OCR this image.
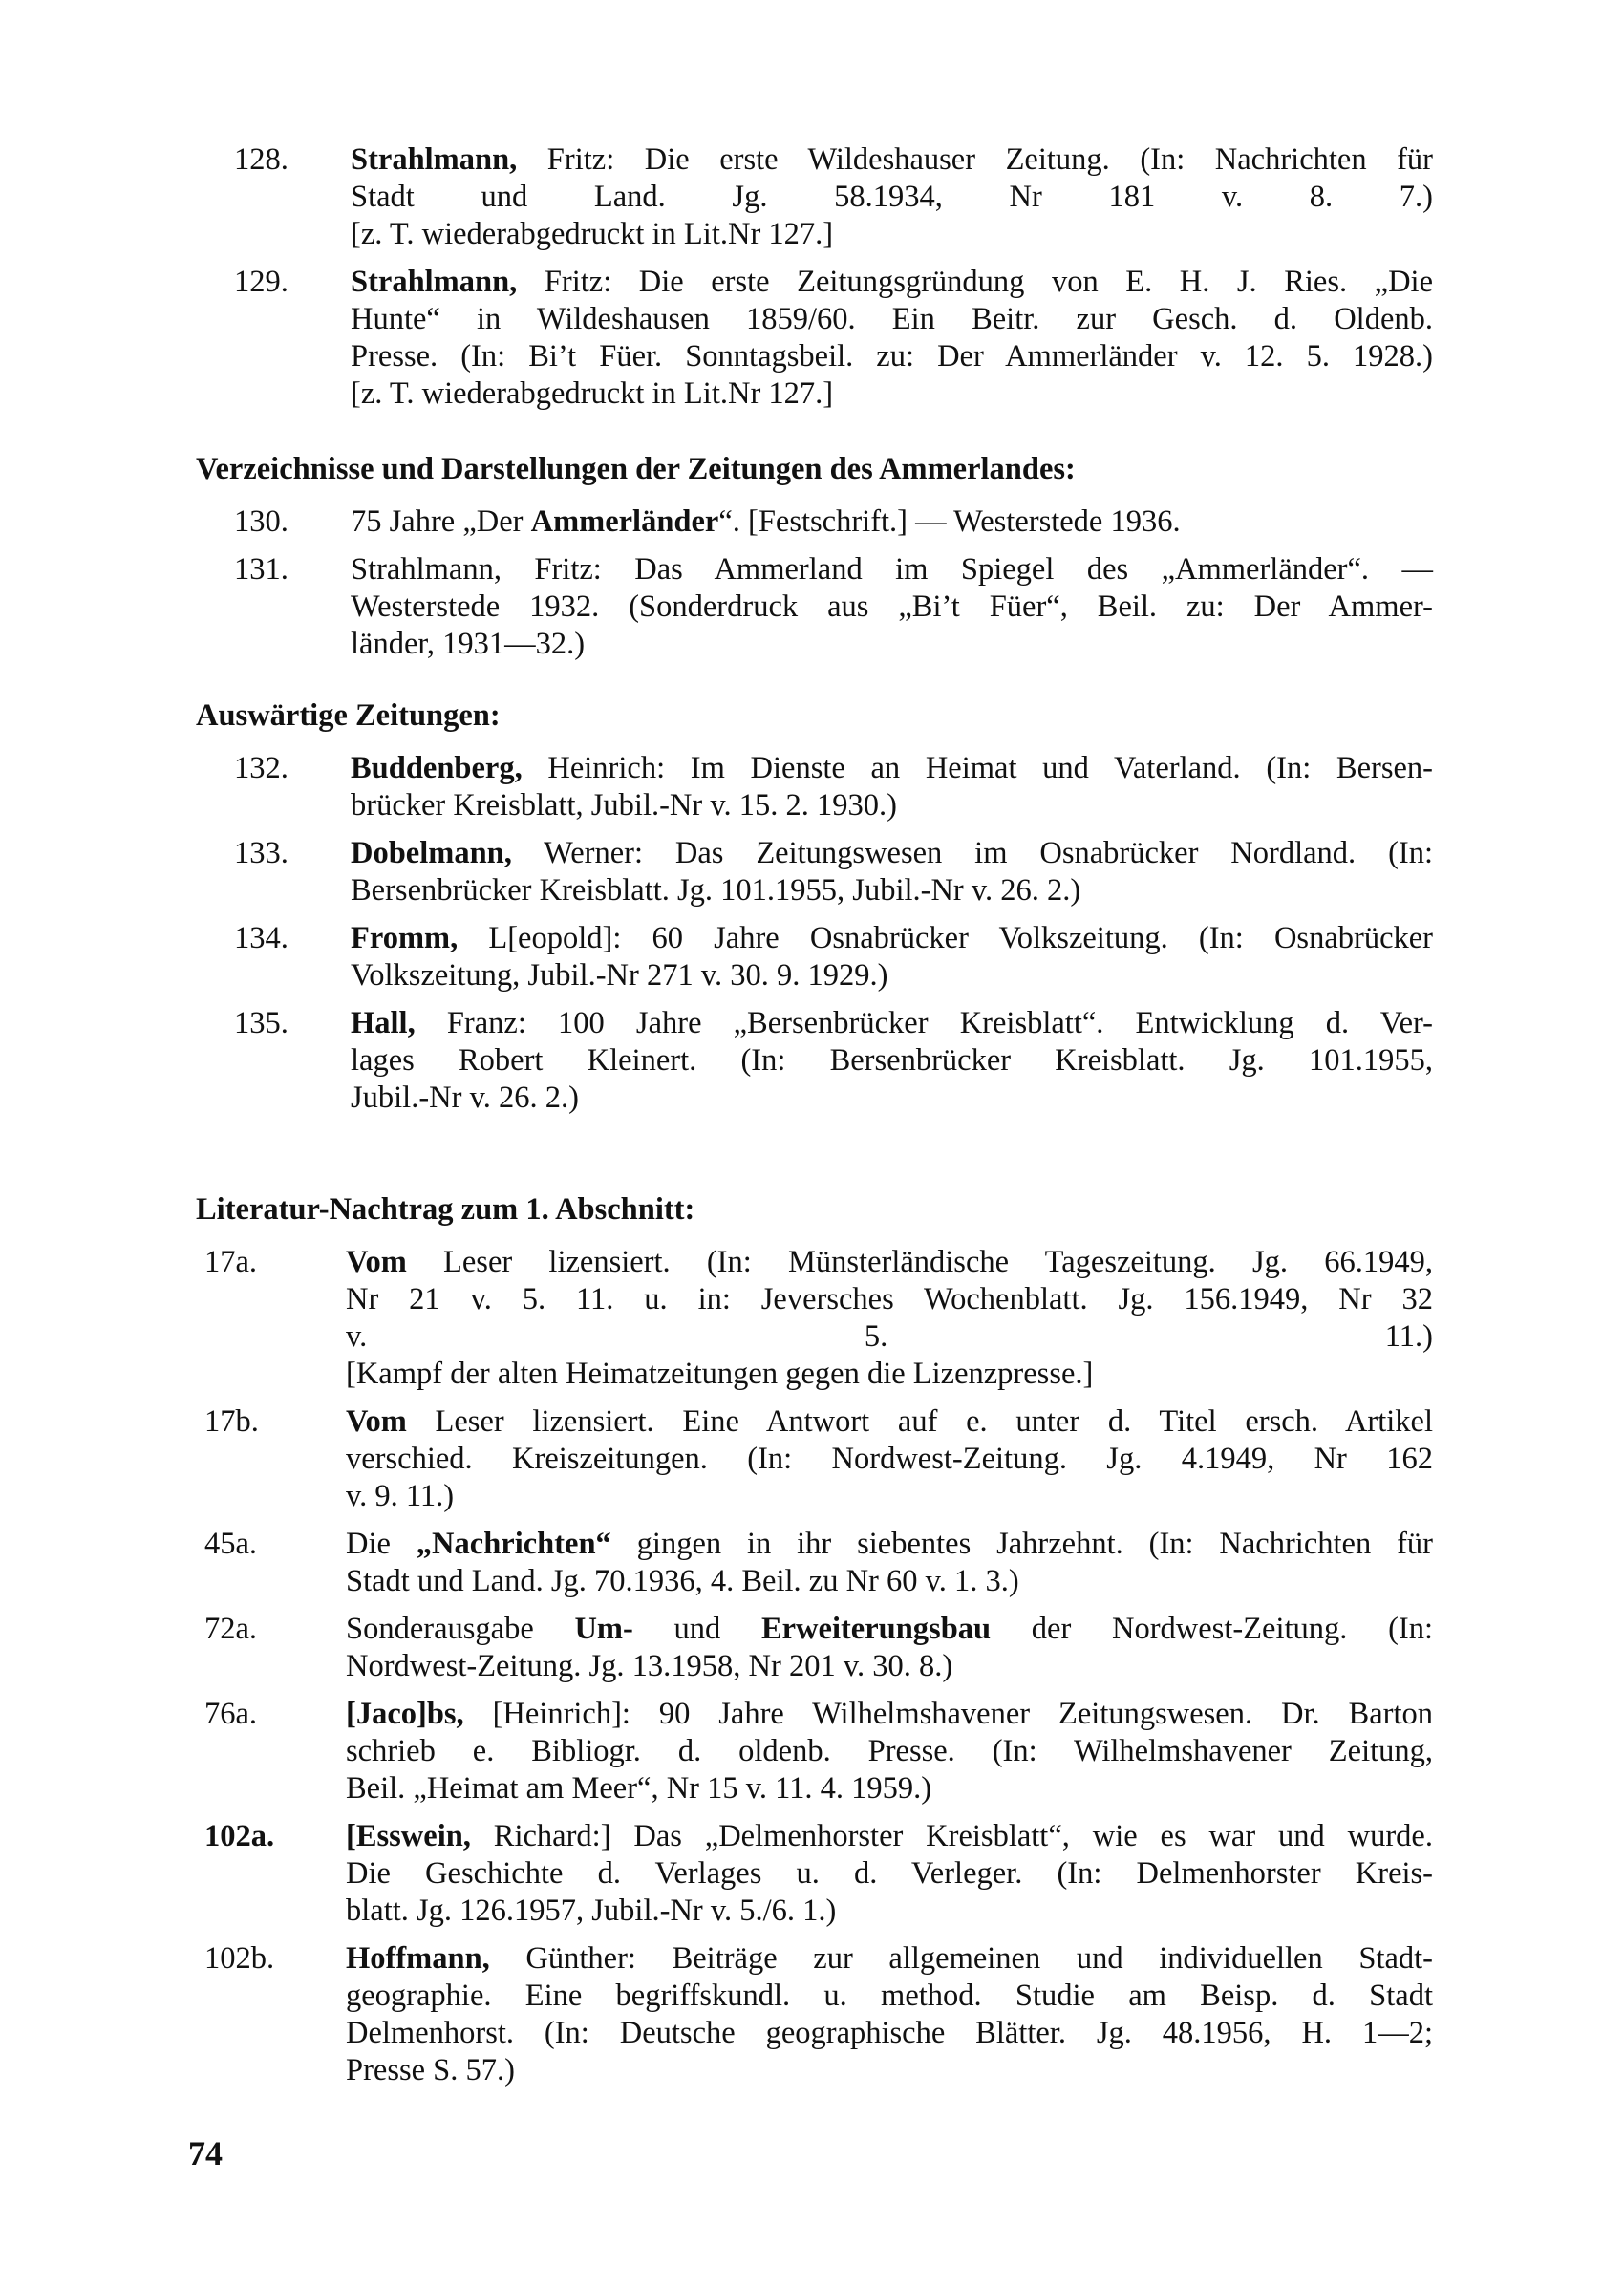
128.	Strahlmann, Fritz: Die erste Wildeshauser Zeitung. (In: Nachrichten für
Stadt und Land. Jg. 58.1934, Nr 181 v. 8. 7.)
[z. T. wiederabgedruckt in Lit.Nr 127.]
129.	Strahlmann, Fritz: Die erste Zeitungsgründung von E. H. J. Ries. „Die
Hunte“ in Wildeshausen 1859/60. Ein Beitr. zur Gesch. d. Oldenb.
Presse. (In: Bi’t Füer. Sonntagsbeil. zu: Der Ammerländer v. 12. 5. 1928.)
[z. T. wiederabgedruckt in Lit.Nr 127.]
Verzeichnisse und Darstellungen der Zeitungen des Ammerlandes:
130.	75 Jahre „Der Ammerländer“. [Festschrift.] — Westerstede 1936.
131.	Strahlmann, Fritz: Das Ammerland im Spiegel des „Ammerländer“. —
Westerstede 1932. (Sonderdruck aus „Bi’t Füer“, Beil. zu: Der Ammer-
länder, 1931—32.)
Auswärtige Zeitungen:
132.	Buddenberg, Heinrich: Im Dienste an Heimat und Vaterland. (In: Bersen-
brücker Kreisblatt, Jubil.-Nr v. 15. 2. 1930.)
133.	Dobelmann, Werner: Das Zeitungswesen im Osnabrücker Nordland. (In:
Bersenbrücker Kreisblatt. Jg. 101.1955, Jubil.-Nr v. 26. 2.)
134.	Fromm, L[eopold]: 60 Jahre Osnabrücker Volkszeitung. (In: Osnabrücker
Volkszeitung, Jubil.-Nr 271 v. 30. 9. 1929.)
135.	Hall, Franz: 100 Jahre „Bersenbrücker Kreisblatt“. Entwicklung d. Ver-
lages Robert Kleinert. (In: Bersenbrücker Kreisblatt. Jg. 101.1955,
Jubil.-Nr v. 26. 2.)
Literatur-Nachtrag zum 1. Abschnitt:
17a.	Vom Leser lizensiert. (In: Münsterländische Tageszeitung. Jg. 66.1949,
Nr 21 v. 5. 11. u. in: Jeversches Wochenblatt. Jg. 156.1949, Nr 32
v. 5. 11.)
[Kampf der alten Heimatzeitungen gegen die Lizenzpresse.]
17b.	Vom Leser lizensiert. Eine Antwort auf e. unter d. Titel ersch. Artikel
verschied. Kreiszeitungen. (In: Nordwest-Zeitung. Jg. 4.1949, Nr 162
v. 9. 11.)
45a.	Die „Nachrichten“ gingen in ihr siebentes Jahrzehnt. (In: Nachrichten für
Stadt und Land. Jg. 70.1936, 4. Beil. zu Nr 60 v. 1. 3.)
72a.	Sonderausgabe Um- und Erweiterungsbau der Nordwest-Zeitung. (In:
Nordwest-Zeitung. Jg. 13.1958, Nr 201 v. 30. 8.)
76a.	[Jaco]bs, [Heinrich]: 90 Jahre Wilhelmshavener Zeitungswesen. Dr. Barton
schrieb e. Bibliogr. d. oldenb. Presse. (In: Wilhelmshavener Zeitung,
Beil. „Heimat am Meer“, Nr 15 v. 11. 4. 1959.)
102a.	[Esswein, Richard:] Das „Delmenhorster Kreisblatt“, wie es war und wurde.
Die Geschichte d. Verlages u. d. Verleger. (In: Delmenhorster Kreis-
blatt. Jg. 126.1957, Jubil.-Nr v. 5./6. 1.)
102b.	Hoffmann, Günther: Beiträge zur allgemeinen und individuellen Stadt-
geographie. Eine begriffskundl. u. method. Studie am Beisp. d. Stadt
Delmenhorst. (In: Deutsche geographische Blätter. Jg. 48.1956, H. 1—2;
Presse S. 57.)
74
